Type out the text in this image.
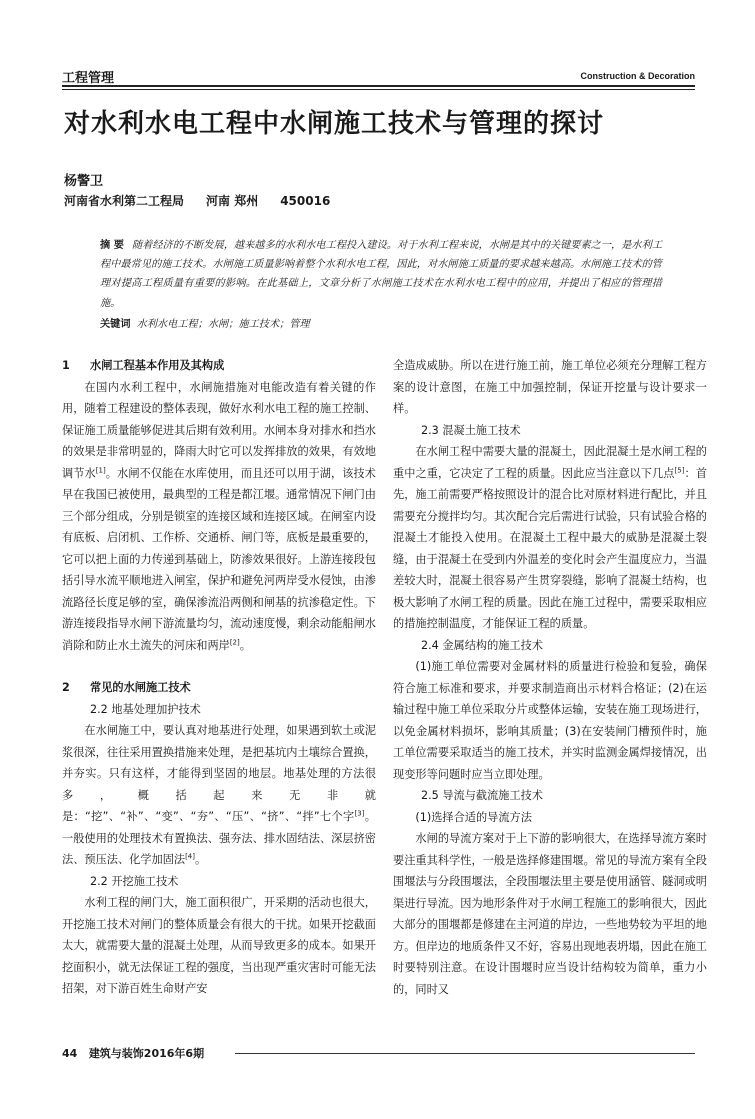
工程管理	Construction & Decoration
对水利水电工程中水闸施工技术与管理的探讨
杨警卫
河南省水利第二工程局 河南 郑州 450016
摘 要 随着经济的不断发展，越来越多的水利水电工程投入建设。对于水利工程来说，水闸是其中的关键要素之一，是水利工程中最常见的施工技术。水闸施工质量影响着整个水利水电工程，因此，对水闸施工质量的要求越来越高。水闸施工技术的管理对提高工程质量有重要的影响。在此基础上，文章分析了水闸施工技术在水利水电工程中的应用，并提出了相应的管理措施。
关键词 水利水电工程；水闸；施工技术；管理
1 水闸工程基本作用及其构成

在国内水利工程中，水闸施措施对电能改造有着关键的作用，随着工程建设的整体表现，做好水利水电工程的施工控制、保证施工质量能够促进其后期有效利用。水闸本身对排水和挡水的效果是非常明显的，降雨大时它可以发挥排放的效果，有效地调节水[1]。水闸不仅能在水库使用，而且还可以用于湖，该技术早在我国已被使用，最典型的工程是都江堰。通常情况下闸门由三个部分组成，分别是锁室的连接区域和连接区域。在闸室内设有底板、启闭机、工作桥、交通桥、闸门等，底板是最重要的，它可以把上面的力传递到基础上，防渗效果很好。上游连接段包括引导水流平顺地进入闸室，保护和避免河两岸受水侵蚀，由渗流路径长度足够的室，确保渗流沿两侧和闸基的抗渗稳定性。下游连接段指导水闸下游流量均匀，流动速度慢，剩余动能船闸水消除和防止水土流失的河床和两岸[2]。

2 常见的水闸施工技术
2.2 地基处理加护技术

在水闸施工中，要认真对地基进行处理，如果遇到软土或泥浆很深，往往采用置换措施来处理，是把基坑内土壤综合置换，并夯实。只有这样，才能得到坚固的地层。地基处理的方法很多，概括起来无非就是：“挖”、“补”、“变”、“夯”、“压”、“挤”、“拌”七个字[3]。一般使用的处理技术有置换法、强夯法、排水固结法、深层挤密法、预压法、化学加固法[4]。

2.2 开挖施工技术

水利工程的闸门大，施工面积很广，开采期的活动也很大，开挖施工技术对闸门的整体质量会有很大的干扰。如果开挖截面太大，就需要大量的混凝土处理，从而导致更多的成本。如果开挖面积小，就无法保证工程的强度，当出现严重灾害时可能无法招架，对下游百姓生命财产安

全造成威胁。所以在进行施工前，施工单位必须充分理解工程方案的设计意图，在施工中加强控制，保证开挖量与设计要求一样。

2.3 混凝土施工技术

在水闸工程中需要大量的混凝土，因此混凝土是水闸工程的重中之重，它决定了工程的质量。因此应当注意以下几点[5]：首先，施工前需要严格按照设计的混合比对原材料进行配比，并且需要充分搅拌均匀。其次配合完后需进行试验，只有试验合格的混凝土才能投入使用。在混凝土工程中最大的威胁是混凝土裂缝，由于混凝土在受到内外温差的变化时会产生温度应力，当温差较大时，混凝土很容易产生贯穿裂缝，影响了混凝土结构，也极大影响了水闸工程的质量。因此在施工过程中，需要采取相应的措施控制温度，才能保证工程的质量。

2.4 金属结构的施工技术

(1)施工单位需要对金属材料的质量进行检验和复验，确保符合施工标准和要求，并要求制造商出示材料合格证；(2)在运输过程中施工单位采取分片或整体运输，安装在施工现场进行，以免金属材料损坏，影响其质量；(3)在安装闸门槽预件时，施工单位需要采取适当的施工技术，并实时监测金属焊接情况，出现变形等问题时应当立即处理。

2.5 导流与截流施工技术
(1)选择合适的导流方法

水闸的导流方案对于上下游的影响很大，在选择导流方案时要注重其科学性，一般是选择修建围堰。常见的导流方案有全段围堰法与分段围堰法，全段围堰法里主要是使用涵管、隧洞或明渠进行导流。因为地形条件对于水闸工程施工的影响很大，因此大部分的围堰都是修建在主河道的岸边，一些地势较为平坦的地方。但岸边的地质条件又不好，容易出现地表坍塌，因此在施工时要特别注意。在设计围堰时应当设计结构较为简单，重力小的，同时又

44 建筑与装饰2016年6期
